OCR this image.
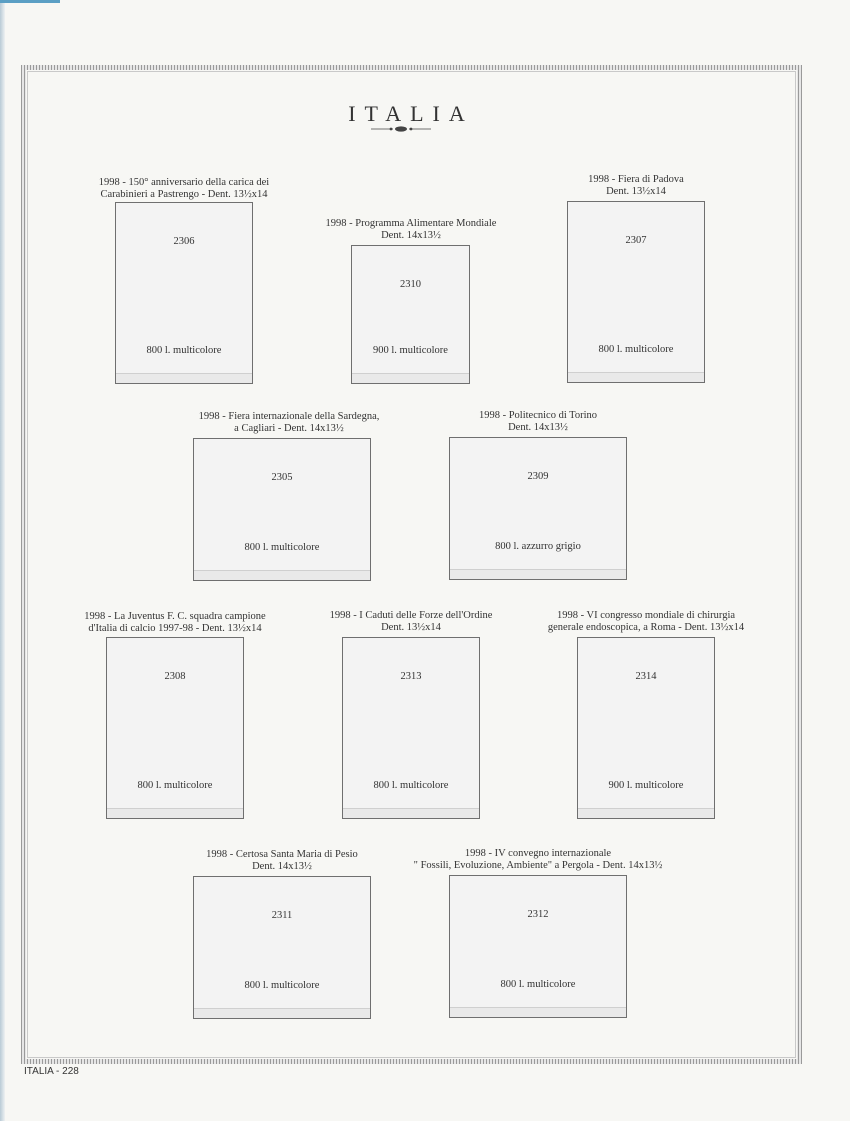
ITALIA
1998 - 150° anniversario della carica dei
Carabinieri a Pastrengo - Dent. 13½x14
2306
800 l. multicolore
1998 - Programma Alimentare Mondiale
Dent. 14x13½
2310
900 l. multicolore
1998 - Fiera di Padova
Dent. 13½x14
2307
800 l. multicolore
1998 - Fiera internazionale della Sardegna,
a Cagliari - Dent. 14x13½
2305
800 l. multicolore
1998 - Politecnico di Torino
Dent. 14x13½
2309
800 l. azzurro grigio
1998 - La Juventus F. C. squadra campione
d'Italia di calcio 1997-98 - Dent. 13½x14
2308
800 l. multicolore
1998 - I Caduti delle Forze dell'Ordine
Dent. 13½x14
2313
800 l. multicolore
1998 - VI congresso mondiale di chirurgia
generale endoscopica, a Roma - Dent. 13½x14
2314
900 l. multicolore
1998 - Certosa Santa Maria di Pesio
Dent. 14x13½
2311
800 l. multicolore
1998 - IV convegno internazionale
" Fossili, Evoluzione, Ambiente" a Pergola - Dent. 14x13½
2312
800 l. multicolore
ITALIA - 228
